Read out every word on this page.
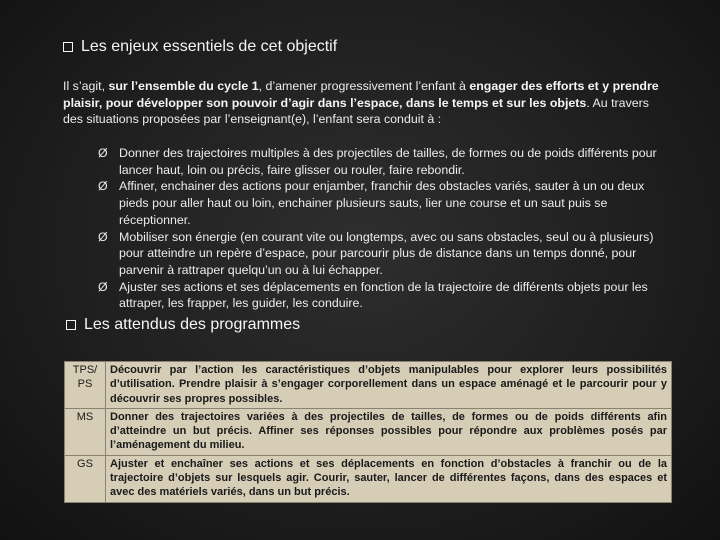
Les enjeux essentiels de cet objectif
Il s’agit, sur l’ensemble du cycle 1, d’amener progressivement l’enfant à engager des efforts et y prendre plaisir, pour développer son pouvoir d’agir dans l’espace, dans le temps et sur les objets. Au travers des situations proposées par l’enseignant(e), l’enfant sera conduit à :
Ø Donner des trajectoires multiples à des projectiles de tailles, de formes ou de poids différents pour lancer haut, loin ou précis, faire glisser ou rouler, faire rebondir.
Ø Affiner, enchainer des actions pour enjamber, franchir des obstacles variés, sauter à un ou deux pieds pour aller haut ou loin, enchainer plusieurs sauts, lier une course et un saut puis se réceptionner.
Ø Mobiliser son énergie (en courant vite ou longtemps, avec ou sans obstacles, seul ou à plusieurs) pour atteindre un repère d’espace, pour parcourir plus de distance dans un temps donné, pour parvenir à rattraper quelqu’un ou à lui échapper.
Ø Ajuster ses actions et ses déplacements en fonction de la trajectoire de différents objets pour les attraper, les frapper, les guider, les conduire.
Les attendus des programmes
TPS/ PS	Découvrir par l’action les caractéristiques d’objets manipulables pour explorer leurs possibilités d’utilisation. Prendre plaisir à s’engager corporellement dans un espace aménagé et le parcourir pour y découvrir ses propres possibles.
MS	Donner des trajectoires variées à des projectiles de tailles, de formes ou de poids différents afin d’atteindre un but précis. Affiner ses réponses possibles pour répondre aux problèmes posés par l’aménagement du milieu.
GS	Ajuster et enchaîner ses actions et ses déplacements en fonction d’obstacles à franchir ou de la trajectoire d’objets sur lesquels agir. Courir, sauter, lancer de différentes façons, dans des espaces et avec des matériels variés, dans un but précis.
